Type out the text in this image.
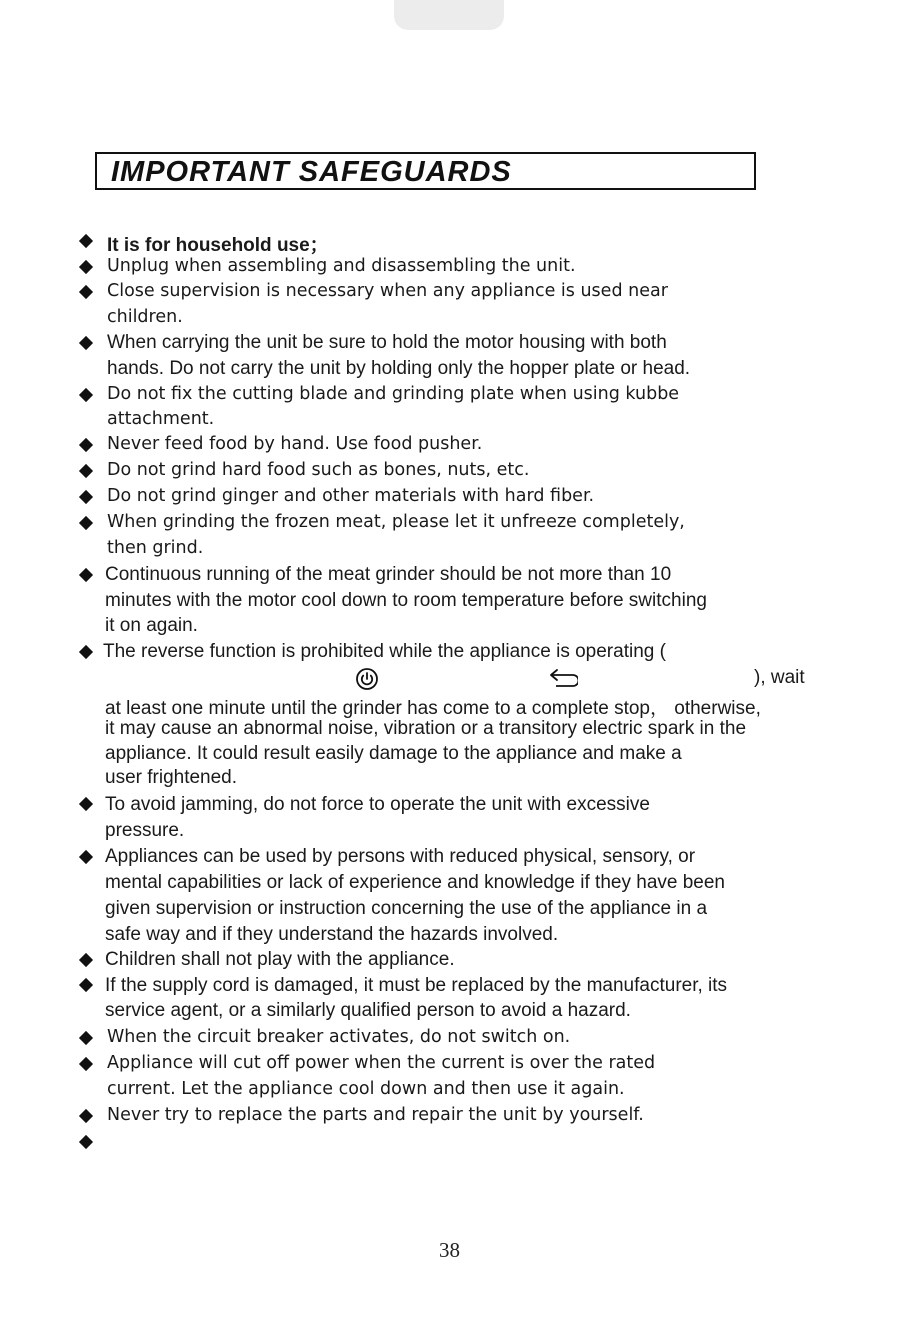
IMPORTANT SAFEGUARDS
It is for household use；
Unplug when assembling and disassembling the unit.
Close supervision is necessary when any appliance is used near
children.
When carrying the unit be sure to hold the motor housing with both
hands. Do not carry the unit by holding only the hopper plate or head.
Do not fix the cutting blade and grinding plate when using kubbe
attachment.
Never feed food by hand. Use food pusher.
Do not grind hard food such as bones, nuts, etc.
Do not grind ginger and other materials with hard fiber.
When grinding the frozen meat, please let it unfreeze completely,
then grind.
Continuous running of the meat grinder should be not more than 10
minutes with the motor cool down to room temperature before switching
it on again.
The reverse function is prohibited while the appliance is operating (
), wait
at least one minute until the grinder has come to a complete stop， otherwise,
it may cause an abnormal noise, vibration or a transitory electric spark in the
appliance. It could result easily damage to the appliance and make a
user frightened.
To avoid jamming, do not force to operate the unit with excessive
pressure.
Appliances can be used by persons with reduced physical, sensory, or
mental capabilities or lack of experience and knowledge if they have been
given supervision or instruction concerning the use of the appliance in a
safe way and if they understand the hazards involved.
Children shall not play with the appliance.
If the supply cord is damaged, it must be replaced by the manufacturer, its
service agent, or a similarly qualified person to avoid a hazard.
When the circuit breaker activates, do not switch on.
Appliance will cut off power when the current is over the rated
current. Let the appliance cool down and then use it again.
Never try to replace the parts and repair the unit by yourself.
38
